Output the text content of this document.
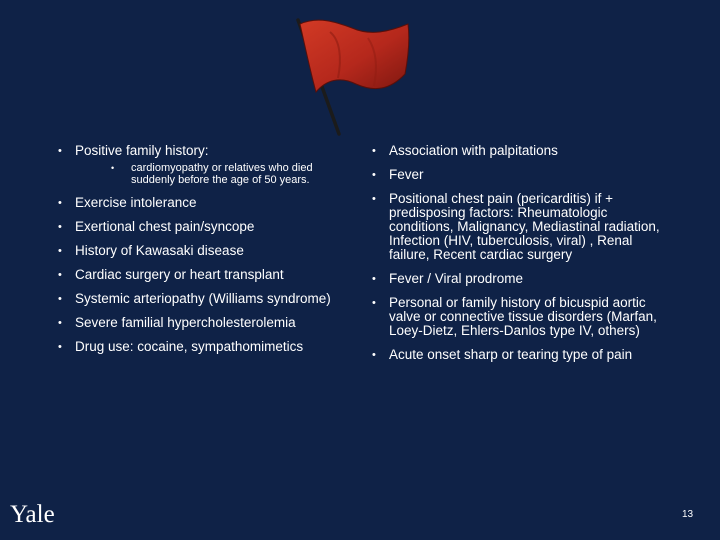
• Positive family history:
• cardiomyopathy or relatives who died suddenly before the age of 50 years.
• Exercise intolerance
• Exertional chest pain/syncope
• History of Kawasaki disease
• Cardiac surgery or heart transplant
• Systemic arteriopathy (Williams syndrome)
• Severe familial hypercholesterolemia
• Drug use: cocaine, sympathomimetics
• Association with palpitations
• Fever
• Positional chest pain (pericarditis) if + predisposing factors: Rheumatologic conditions, Malignancy, Mediastinal radiation, Infection (HIV, tuberculosis, viral) , Renal failure, Recent cardiac surgery
• Fever / Viral prodrome
• Personal or family history of bicuspid aortic valve or connective tissue disorders (Marfan, Loey-Dietz, Ehlers-Danlos type IV, others)
• Acute onset sharp or tearing type of pain
Yale	13
